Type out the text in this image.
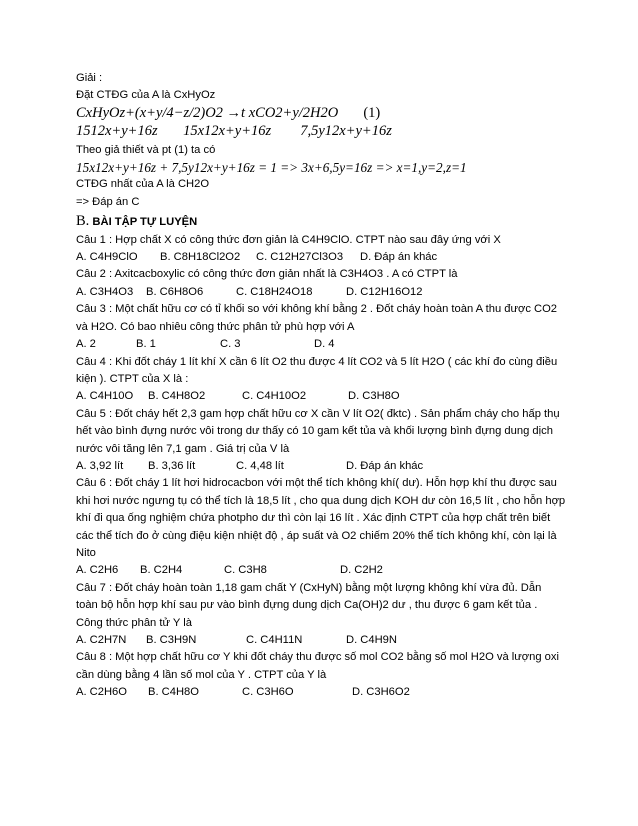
Giải :
Đặt CTĐG của A là CxHyOz
CxHyOz+(x+y/4−z/2)O2 →t xCO2+y/2H2O (1)
1512x+y+16z 15x12x+y+16z 7,5y12x+y+16z
Theo giả thiết và pt (1) ta có
15x12x+y+16z + 7,5y12x+y+16z = 1 => 3x+6,5y=16z => x=1,y=2,z=1
CTĐG nhất của A là CH2O
=> Đáp án C
B. BÀI TẬP TỰ LUYỆN
Câu 1 : Hợp chất X có công thức đơn giản là C4H9ClO. CTPT nào sau đây ứng với X
A. C4H9ClO	B. C8H18Cl2O2	C. C12H27Cl3O3	D. Đáp án khác
Câu 2 : Axitcacboxylic có công thức đơn giản nhất là C3H4O3 . A có CTPT là
A. C3H4O3	B. C6H8O6	C. C18H24O18	D. C12H16O12
Câu 3 : Một chất hữu cơ có tỉ khối so với không khí bằng 2 . Đốt cháy hoàn toàn A thu được CO2 và H2O. Có bao nhiêu công thức phân tử phù hợp với A
A. 2	B. 1	C. 3	D. 4
Câu 4 : Khi đốt cháy 1 lít khí X cần 6 lít O2 thu được 4 lít CO2 và 5 lít H2O ( các khí đo cùng điều kiện ). CTPT của X là :
A. C4H10O	B. C4H8O2	C. C4H10O2	D. C3H8O
Câu 5 : Đốt cháy hết 2,3 gam hợp chất hữu cơ X cần V lít O2( đktc) . Sản phẩm cháy cho hấp thụ hết vào bình đựng nước vôi trong dư thấy có 10 gam kết tủa và khối lượng bình đựng dung dịch nước vôi tăng lên 7,1 gam . Giá trị của V là
A. 3,92 lít	B. 3,36 lít	C. 4,48 lít	D. Đáp án khác
Câu 6 : Đốt cháy 1 lít hơi hidrocacbon với một thể tích không khí( dư). Hỗn hợp khí thu được sau khi hơi nước ngưng tụ có thể tích là 18,5 lít , cho qua dung dịch KOH dư còn 16,5 lít , cho hỗn hợp khí đi qua ống nghiệm chứa photpho dư thì còn lại 16 lít . Xác định CTPT của hợp chất trên biết các thể tích đo ở cùng điệu kiện nhiệt độ , áp suất và O2 chiếm 20% thể tích không khí, còn lại là Nito
A. C2H6	B. C2H4	C. C3H8	D. C2H2
Câu 7 : Đốt cháy hoàn toàn 1,18 gam chất Y (CxHyN) bằng một lượng không khí vừa đủ. Dẫn toàn bộ hỗn hợp khí sau pư vào bình đựng dung dịch Ca(OH)2 dư , thu được 6 gam kết tủa . Công thức phân tử Y là
A. C2H7N	B. C3H9N	C. C4H11N	D. C4H9N
Câu 8 : Một hợp chất hữu cơ Y khi đốt cháy thu được số mol CO2 bằng số mol H2O và lượng oxi cần dùng bằng 4 lần số mol của Y . CTPT của Y là
A. C2H6O	B. C4H8O	C. C3H6O	D. C3H6O2
